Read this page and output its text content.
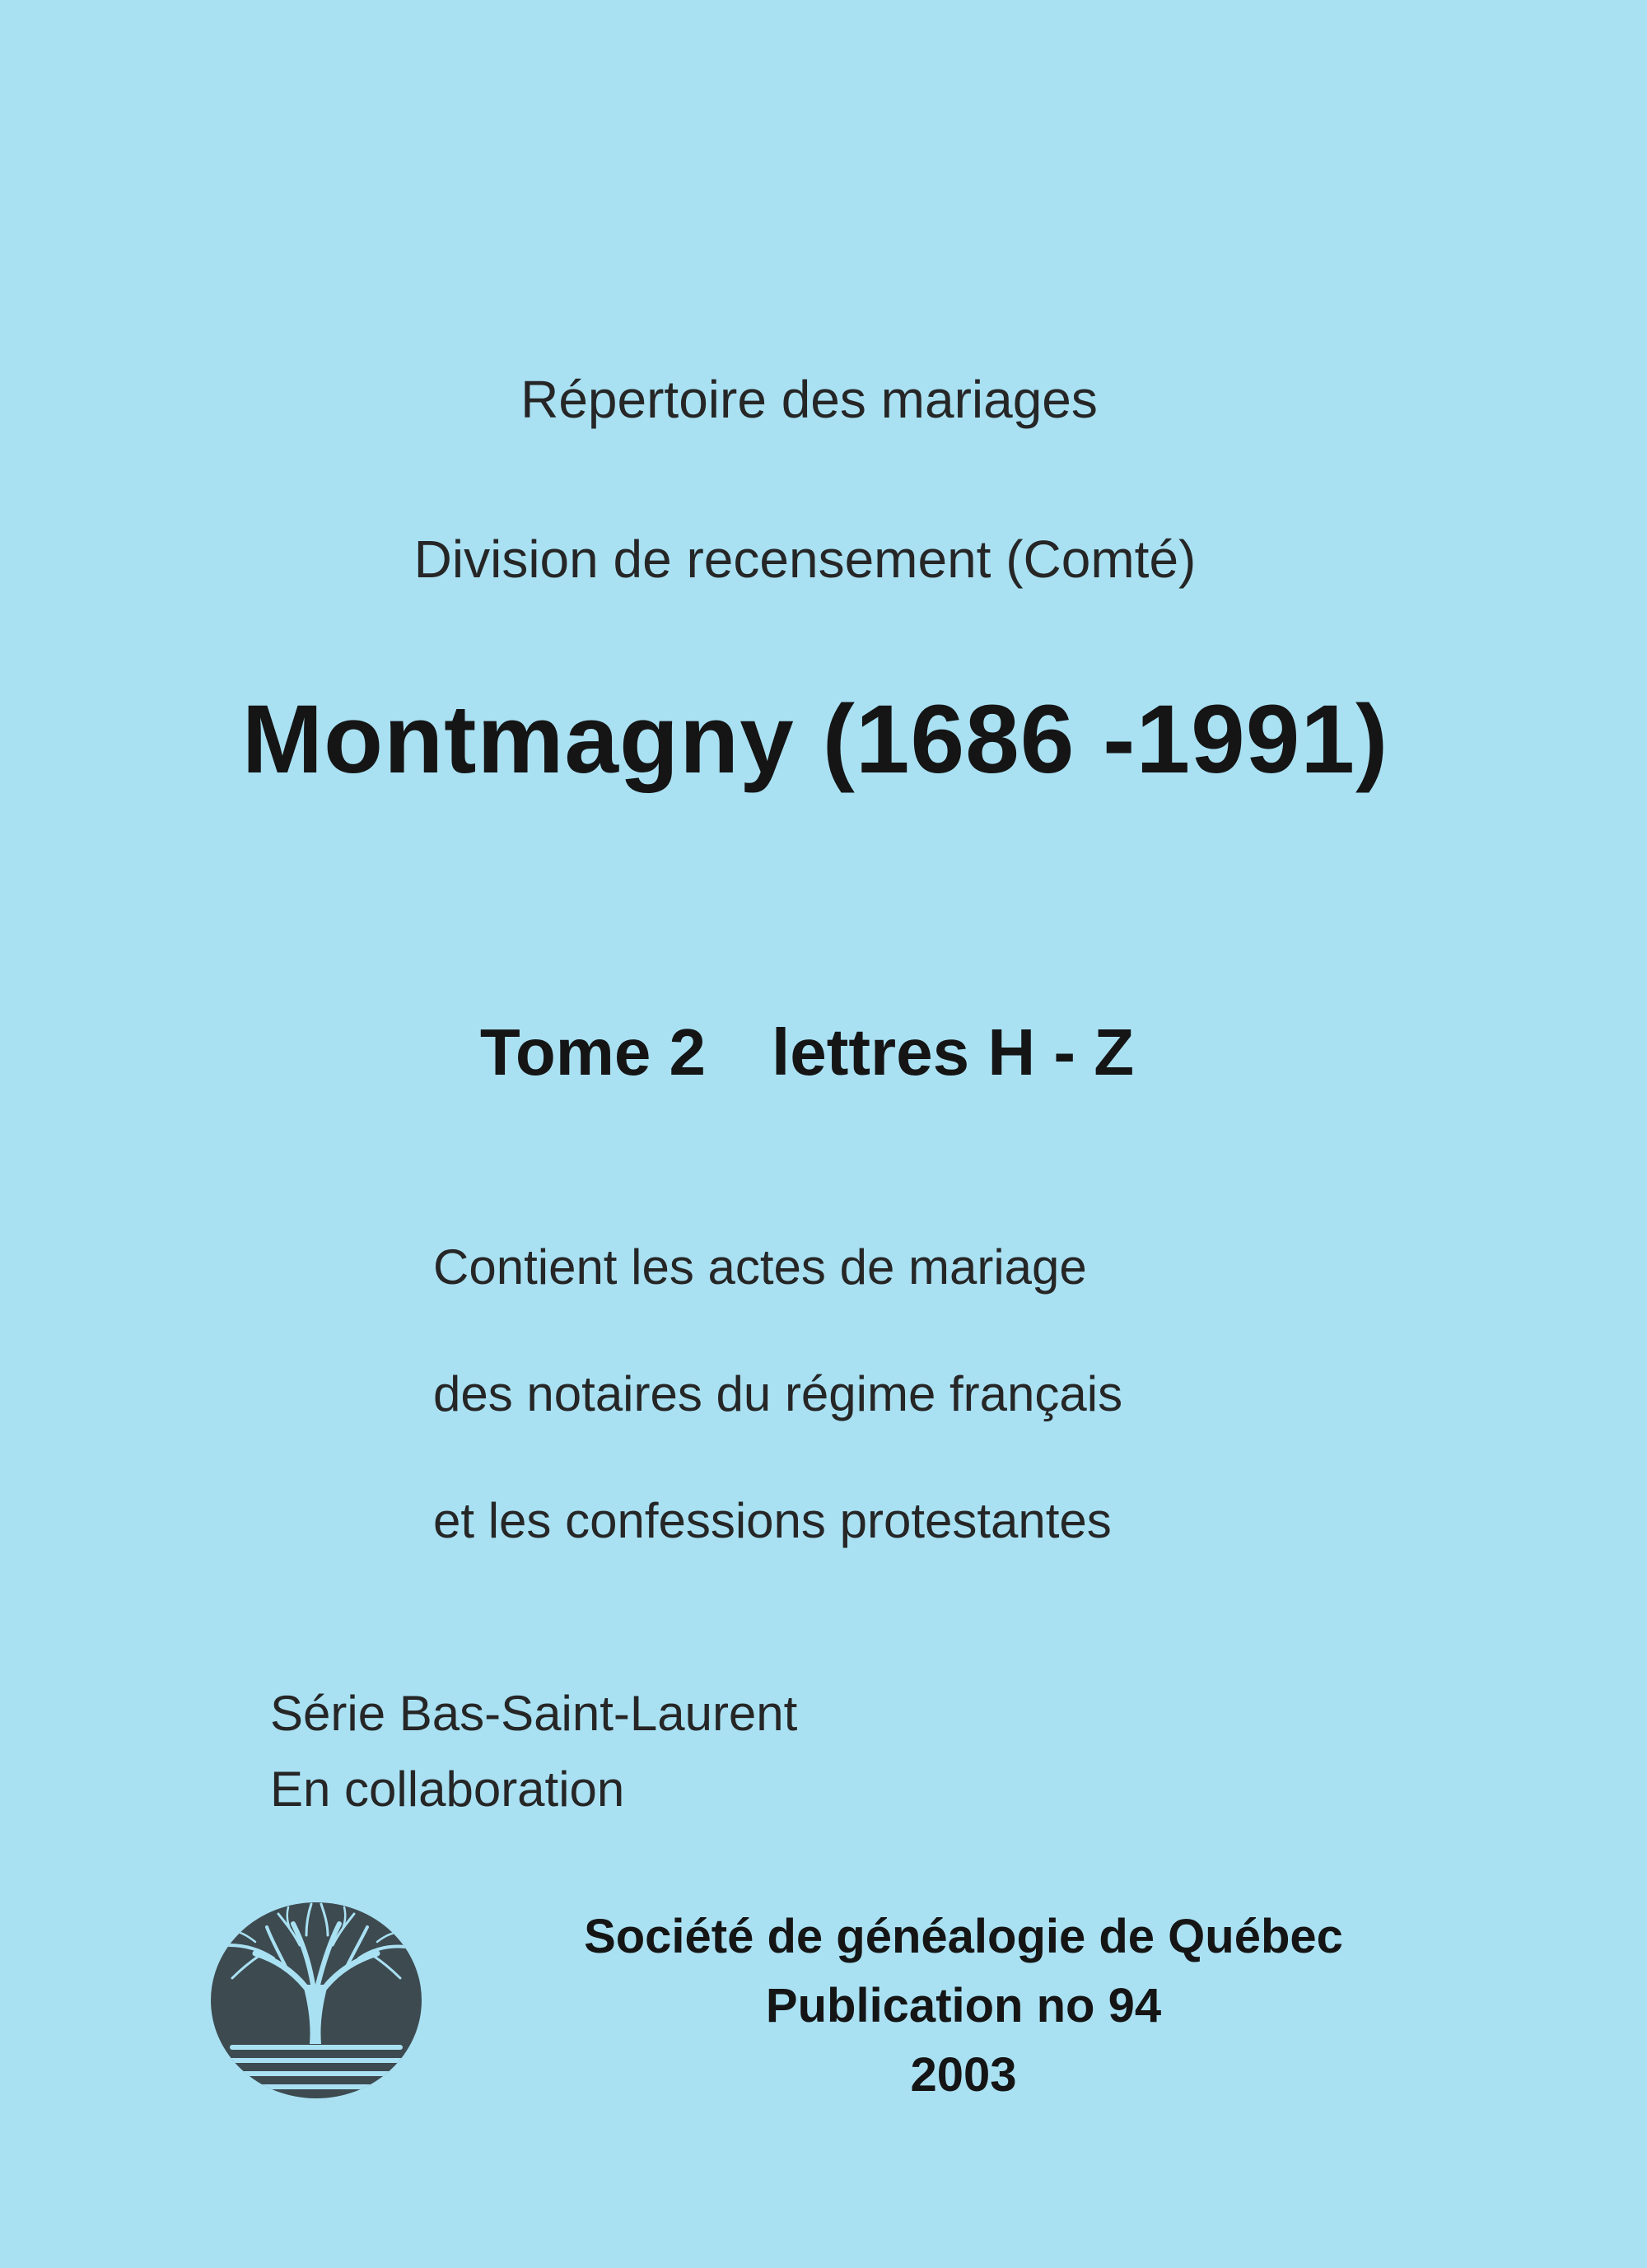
Répertoire des mariages
Division de recensement (Comté)
Montmagny (1686 -1991)
Tome 2 lettres H - Z
Contient les actes de mariage
des notaires du régime français
et les confessions protestantes
Série Bas-Saint-Laurent
En collaboration
Société de généalogie de Québec
Publication no 94
2003
